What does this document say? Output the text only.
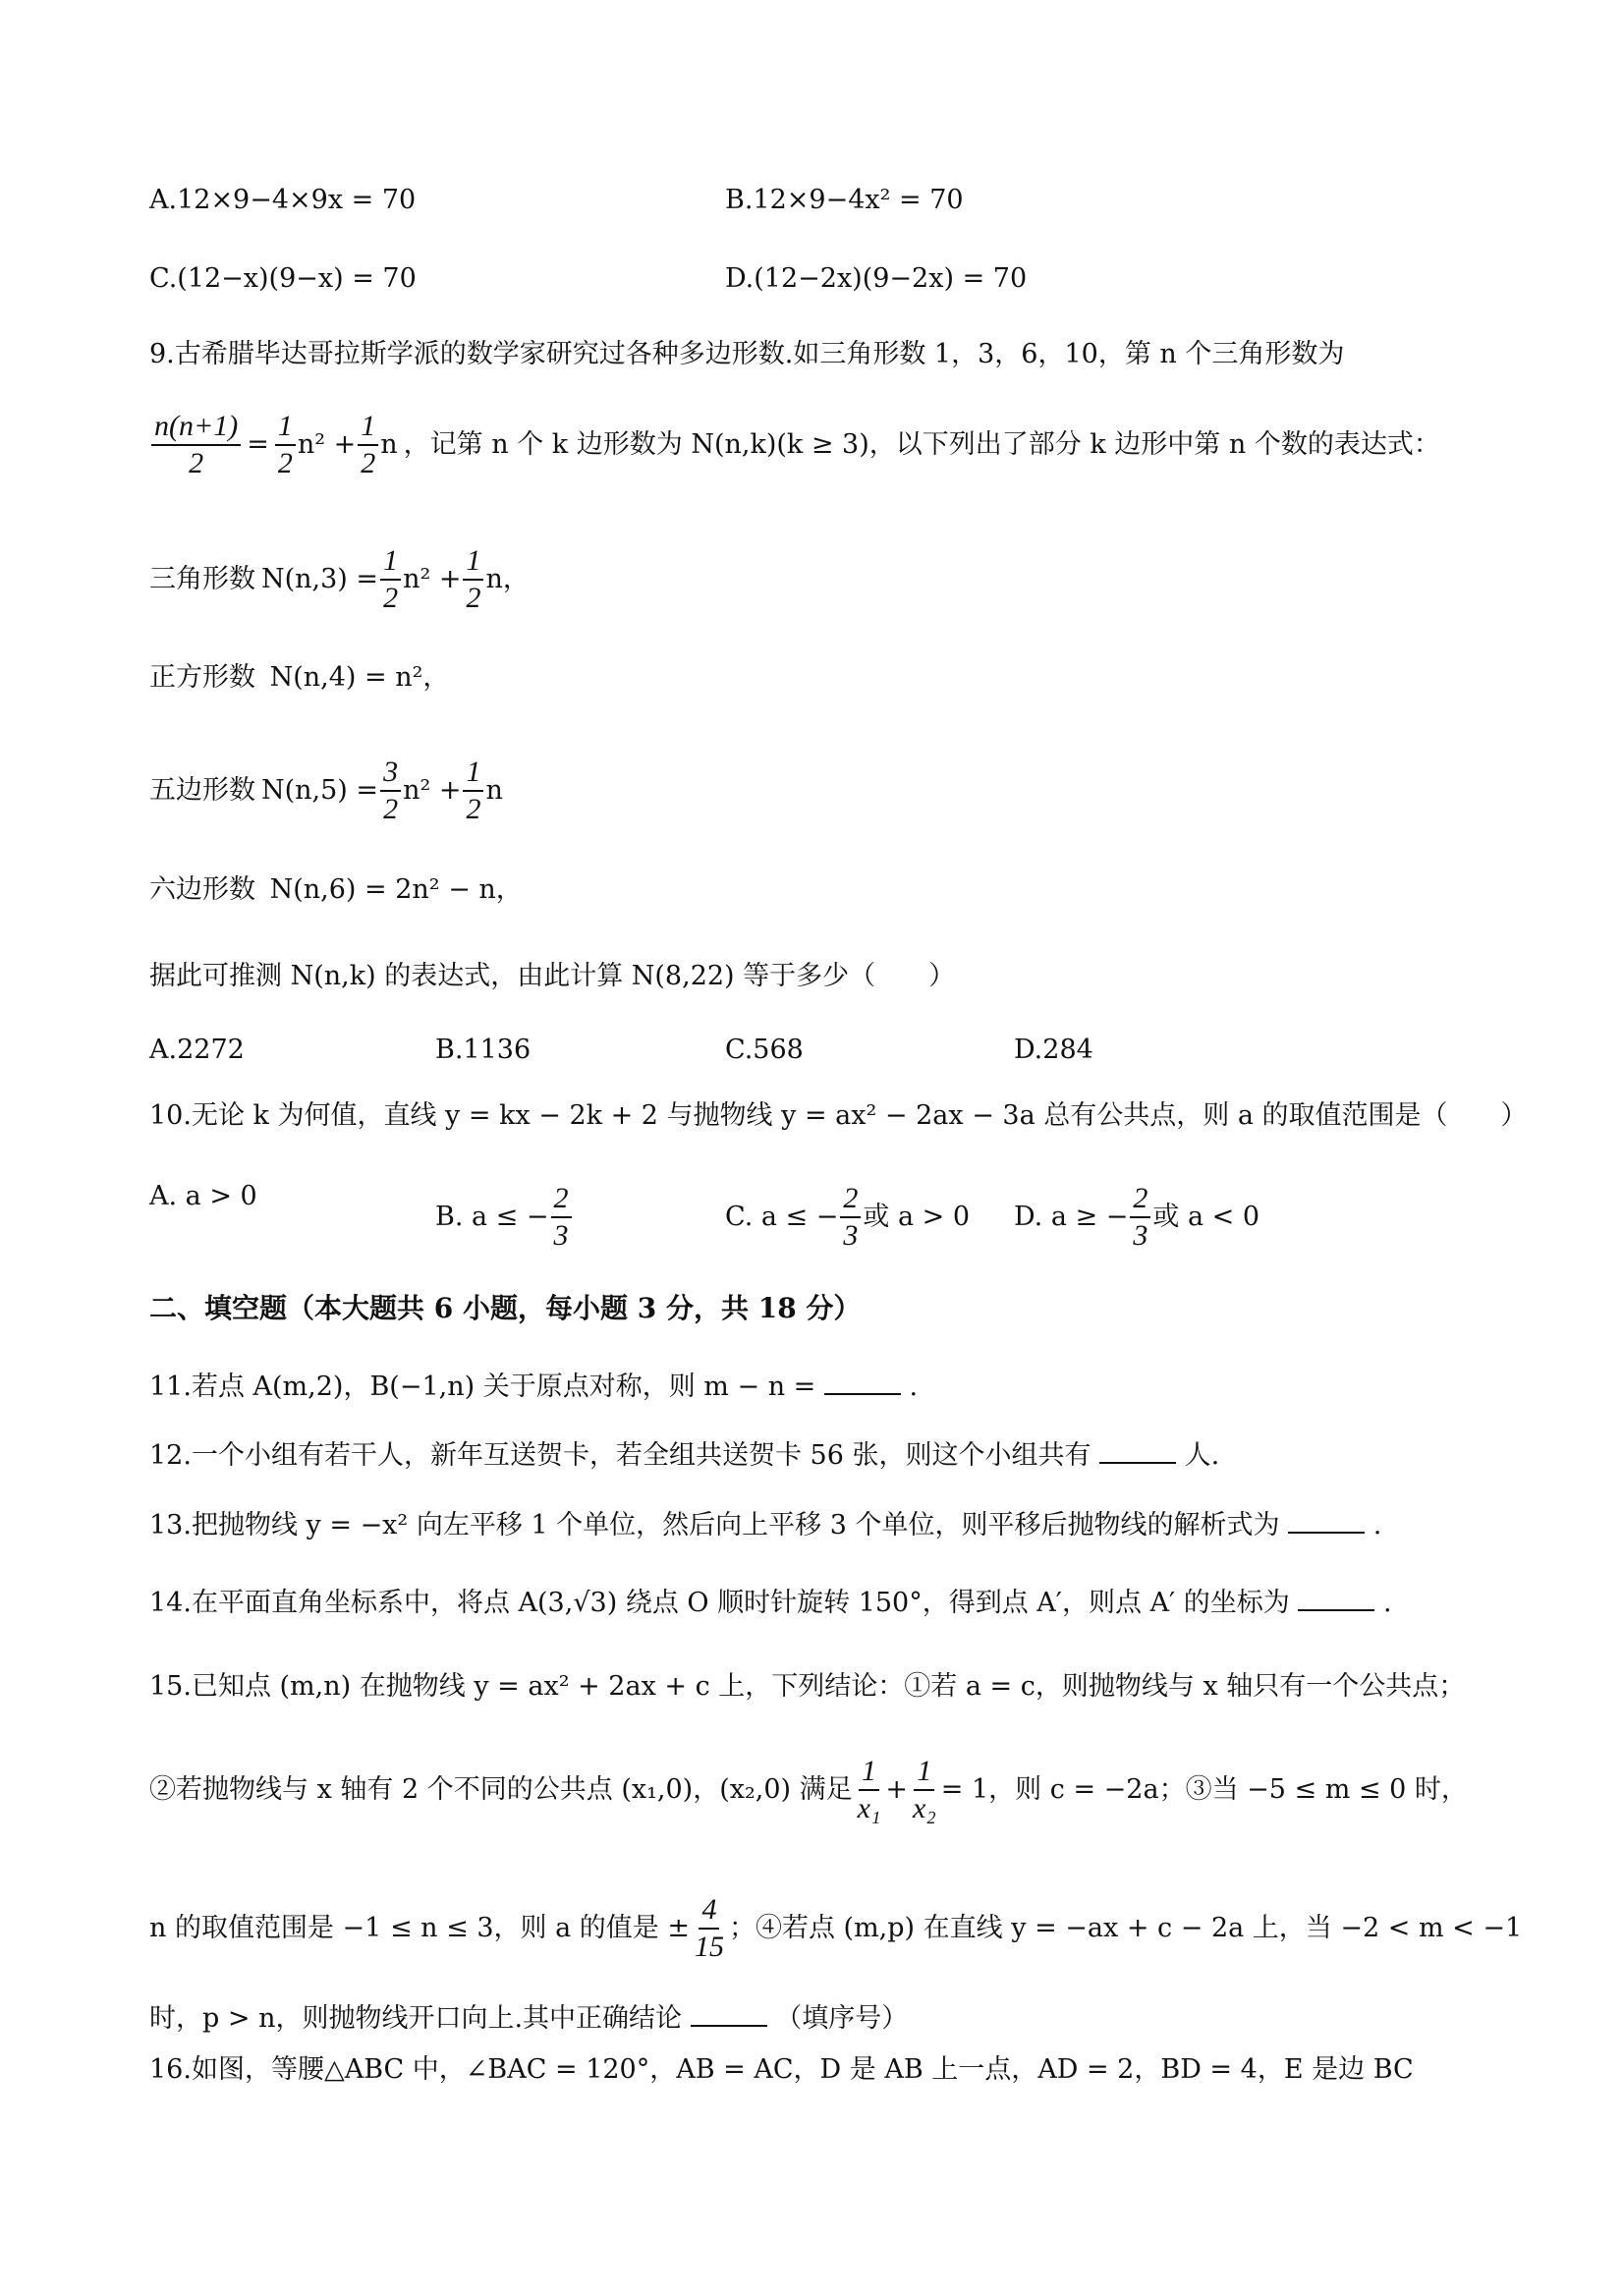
A.12×9−4×9x = 70	B.12×9−4x² = 70
C.(12−x)(9−x) = 70	D.(12−2x)(9−2x) = 70
9.古希腊毕达哥拉斯学派的数学家研究过各种多边形数.如三角形数 1，3，6，10，第 n 个三角形数为
$\frac{n(n+1)}{2} = \frac{1}{2} n^2 + \frac{1}{2}$ n ，记第 n 个 k 边形数为 N(n,k)(k ≥ 3)，以下列出了部分 k 边形中第 n 个数的表达式：
三角形数 $N(n,3) = \frac{1}{2} n^2 + \frac{1}{2}$ n，
正方形数 N(n,4) = n²，
五边形数 $N(n,5) = \frac{3}{2} n^2 + \frac{1}{2}$ n
六边形数 N(n,6) = 2n² − n，
据此可推测 N(n,k) 的表达式，由此计算 N(8,22) 等于多少（　　）
A.2272	B.1136	C.568	D.284
10.无论 k 为何值，直线 y = kx − 2k + 2 与抛物线 y = ax² − 2ax − 3a 总有公共点，则 a 的取值范围是（　　）
A. a > 0
B. a ≤ − $\frac{2}{3}$	C. a ≤ − $\frac{2}{3}$ 或 a > 0 D. a ≥ − $\frac{2}{3}$ 或 a < 0
二、填空题（本大题共 6 小题，每小题 3 分，共 18 分）
11.若点 A(m,2)，B(−1,n) 关于原点对称，则 m − n =	.
12.一个小组有若干人，新年互送贺卡，若全组共送贺卡 56 张，则这个小组共有	人.
13.把抛物线 y = −x² 向左平移 1 个单位，然后向上平移 3 个单位，则平移后抛物线的解析式为	.
14.在平面直角坐标系中，将点 A(3,√3) 绕点 O 顺时针旋转 150°，得到点 A′，则点 A′ 的坐标为	.
15.已知点 (m,n) 在抛物线 y = ax² + 2ax + c 上，下列结论：①若 a = c，则抛物线与 x 轴只有一个公共点；
②若抛物线与 x 轴有 2 个不同的公共点 (x₁,0)，(x₂,0) 满足 $\frac{1}{\text{x₁}} + \frac{1}{\text{x₂}} = 1$，则 c = −2a；③当 −5 ≤ m ≤ 0 时，
n 的取值范围是 −1 ≤ n ≤ 3，则 a 的值是 ± $\frac{4}{15}$ ；④若点 (m,p) 在直线 y = −ax + c − 2a 上，当 −2 < m < −1
时，p > n，则抛物线开口向上.其中正确结论	（填序号）
16.如图，等腰△ABC 中，∠BAC = 120°，AB = AC，D 是 AB 上一点，AD = 2，BD = 4，E 是边 BC
